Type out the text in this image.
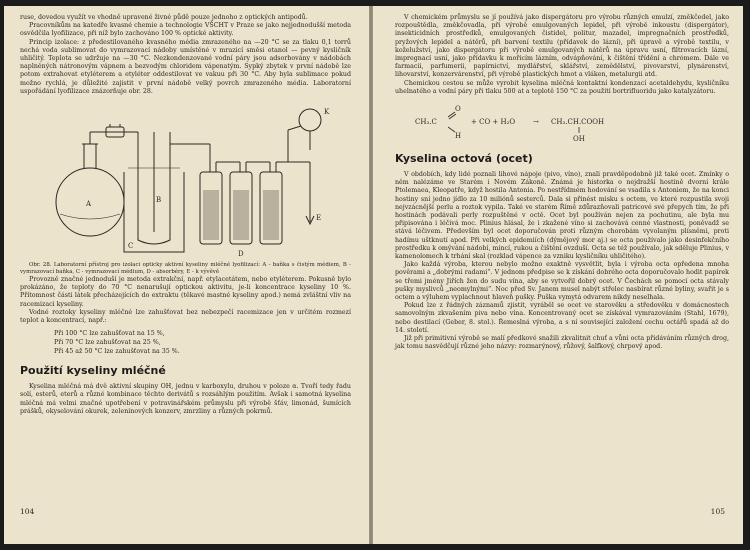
ruse, dovedou využít ve vhodně upravené živné půdě pouze jednoho z optických antipodů.

Pracovníkům na katedře kvasné chemie a technologie VŠCHT v Praze se jako nejjednodušší metoda osvědčila lyofilizace, při níž bylo zachováno 100 % optické aktivity.

Princip izolace: z předestilovaného kvasného média zmrazeného na —20 °C se za tlaku 0,1 torrů nechá voda sublimovat do vymrazovací nádoby umístěné v mrazicí směsi etanol — pevný kysličník uhličitý. Teplota se udržuje na —30 °C. Nezkondenzované vodní páry jsou adsorbovány v nádobách naplněných nátronovým vápnem a bezvodým chloridem vápenatým. Sypký zbytek v první nádobě lze potom extrahovat etyléterem a etyléter oddestilovat ve vakuu při 30 °C. Aby byla sublimace pokud možno rychlá, je důležité zajistit v první nádobě velký povrch zmrazeného média. Laboratorní uspořádání lyofilizace znázorňuje obr. 28.

A	B
C
D
E
K

Obr. 28. Laboratorní přístroj pro izolaci opticky aktivní kyseliny mléčné lyofilizací: A - baňka s čistým médiem, B - vymrazovací baňka, C - vymrazovací médium, D - absorbéry, E - k vývěvě

Provozně značné jednoduší je metoda extrakční, např. etylacetátem, nebo etyléterem. Pokusně bylo prokázáno, že teploty do 70 °C nenarušují optickou aktivitu, je-li koncentrace kyseliny 10 %. Přítomnost části látek přecházejících do extraktu (těkavé mastné kyseliny apod.) nemá zvláštní vliv na racemizaci kyseliny.

Vodné roztoky kyseliny mléčné lze zahušťovat bez nebezpečí racemizace jen v určitém rozmezí teplot a koncentrací, např.:

Při 100 °C lze zahušťovat na 15 %,
Při 70 °C lze zahušťovat na 25 %,
Při 45 až 50 °C lze zahušťovat na 35 %.
Použití kyseliny mléčné

Kyselina mléčná má dvě aktivní skupiny OH, jednu v karboxylu, druhou v poloze α. Tvoří tedy řadu solí, esterů, eterů a různé kombinace těchto derivátů s rozsáhlým použitím. Avšak i samotná kyselina mléčná má velmi značné upotřebení v potravinářském průmyslu při výrobě šťáv, limonád, šumících prášků, okyselování okurek, zeleninových konzerv, zmrzliny a různých pokrmů.

104

V chemickém průmyslu se jí používá jako dispergátoru pro výrobu různých emulzí, změkčedel, jako rozpouštědla, změkčovadla, při výrobě emulgovaných lepidel, při výrobě inkoustu (dispergátor), insekticidních prostředků, emulgovaných čistidel, politur, mazadel, impregnačních prostředků, pryžových lepidel a nátěrů, při barvení textilu (přídavek do lázní), při úpravě a výrobě textilu, v koželužství, jako dispergátoru při výrobě emulgovaných nátěrů na úpravu usní, filtrovacích lázní, impregnací usní, jako přídavku k mořicím lázním, odvápňování, k čištění třídění a chrómem. Dále ve farmacii, parfumerii, papírnictví, mydlářství, sklářství, zemědělství, pivovarství, plynárenství, lihovarství, konzervárenství, při výrobě plastických hmot a vláken, metalurgii atd.

Chemickou cestou se může vyrobit kyselina mléčná kontaktní kondenzací acetaldehydu, kysličníku uhelnatého a vodní páry při tlaku 500 at a teplotě 150 °C za použití bortrifluoridu jako katalyzátoru.

CH₃.C
O
H
+ CO + H₂O	→ CH₃.CH.COOH
OH
Kyselina octová (ocet)

V obdobích, kdy lidé poznali lihové nápoje (pivo, víno), znali pravděpodobně již také ocet. Zmínky o něm nalézáme ve Starém i Novém Zákoně. Známá je historka o nejdražší hostině dvorní krále Ptolemaea, Kleopatře, když hostila Antonia. Po nestřídmém hodování se vsadila s Antoniem, že na konci hostiny sní jedno jídlo za 10 miliónů sesterců. Dala si přinést misku s octem, ve které rozpustila svoji nejvzácnější perlu a roztok vypila. Také ve starém Římě zdůrazňovali patricové své přepych tím, že při hostinách podávali perly rozpuštěné v octě. Ocet byl používán nejen za pochutinu, ale byla mu připisována i léčivá moc. Plinius hlásal, že i zkažené víno si zachovává cenné vlastnosti, poněvadž se stává léčivem. Především byl ocet doporučován proti různým chorobám vyvolaným plísněmi, proti hadímu uštknutí apod. Při velkých epidemiích (dýmějový mor aj.) se octa používalo jako desinfekčního prostředku k omývání nádobí, mincí, rukou a čištění ovzduší. Octa se též používalo, jak sděluje Plinius, v kamenolomech k trhání skal (rozklad vápence za vzniku kysličníku uhličitého).

Jako každá výroba, kterou nebylo možno exaktně vysvětlit, byla i výroba octa opředena mnoha pověrami a „dobrými radami“. V jednom předpise se k získání dobrého octa doporučovalo hodit papírek se třemi jmény Jiřích žen do sudu vína, aby se vytvořil dobrý ocet. V Čechách se pomocí octa stávaly pušky myslivců „neomylnými“. Noc před Sv. Janem musel nabýt střelec nasbírat různé byliny, svařit je s octem a výluhem vyplachnout hlaveň pušky. Puška vymytá odvarem nikdy neselhala.

Pokud lze z řádných záznamů zjistit, vyráběl se ocet ve starověku a středověku v domácnostech samovolným zkvašením piva nebo vína. Koncentrovaný ocet se získával vymrazováním (Stahl, 1679), nebo destilací (Geber, 8. stol.). Řemeslná výroba, a s ní související založení cechu octářů spadá až do 14. století.

Již při primitivní výrobě se malí předkové snažili zkvalitnit chuť a vůni octa přidáváním různých drog, jak tomu nasvědčují různé jeho názvy: rozmarýnový, růžový, šalfkový, chrpový apod.

105
